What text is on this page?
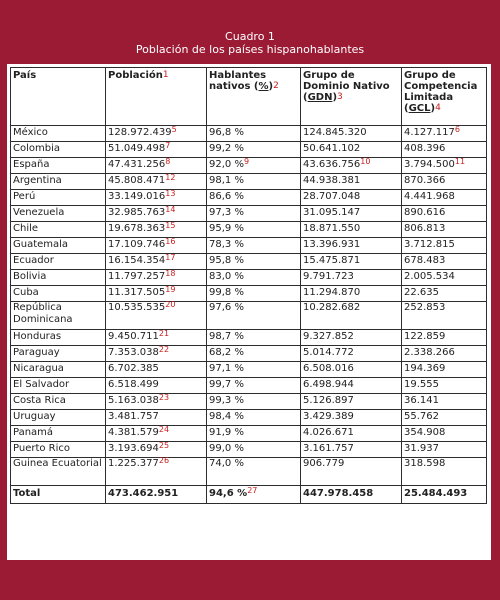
Cuadro 1
Población de los países hispanohablantes
País	Población$^1$	Hablantes nativos (%)$^2$	Grupo de Dominio Nativo (GDN)$^3$	Grupo de Competencia Limitada (GCL)$^4$
México	128.972.439$^5$	96,8 %	124.845.320	4.127.117$^6$
Colombia	51.049.498$^7$	99,2 %	50.641.102	408.396
España	47.431.256$^8$	92,0 %$^9$	43.636.756$^{10}$	3.794.500$^{11}$
Argentina	45.808.471$^{12}$	98,1 %	44.938.381	870.366
Perú	33.149.016$^{13}$	86,6 %	28.707.048	4.441.968
Venezuela	32.985.763$^{14}$	97,3 %	31.095.147	890.616
Chile	19.678.363$^{15}$	95,9 %	18.871.550	806.813
Guatemala	17.109.746$^{16}$	78,3 %	13.396.931	3.712.815
Ecuador	16.154.354$^{17}$	95,8 %	15.475.871	678.483
Bolivia	11.797.257$^{18}$	83,0 %	9.791.723	2.005.534
Cuba	11.317.505$^{19}$	99,8 %	11.294.870	22.635
República Dominicana	10.535.535$^{20}$	97,6 %	10.282.682	252.853
Honduras	9.450.711$^{21}$	98,7 %	9.327.852	122.859
Paraguay	7.353.038$^{22}$	68,2 %	5.014.772	2.338.266
Nicaragua	6.702.385	97,1 %	6.508.016	194.369
El Salvador	6.518.499	99,7 %	6.498.944	19.555
Costa Rica	5.163.038$^{23}$	99,3 %	5.126.897	36.141
Uruguay	3.481.757	98,4 %	3.429.389	55.762
Panamá	4.381.579$^{24}$	91,9 %	4.026.671	354.908
Puerto Rico	3.193.694$^{25}$	99,0 %	3.161.757	31.937
Guinea Ecuatorial	1.225.377$^{26}$	74,0 %	906.779	318.598
Total	473.462.951	94,6 %$^{27}$	447.978.458	25.484.493
